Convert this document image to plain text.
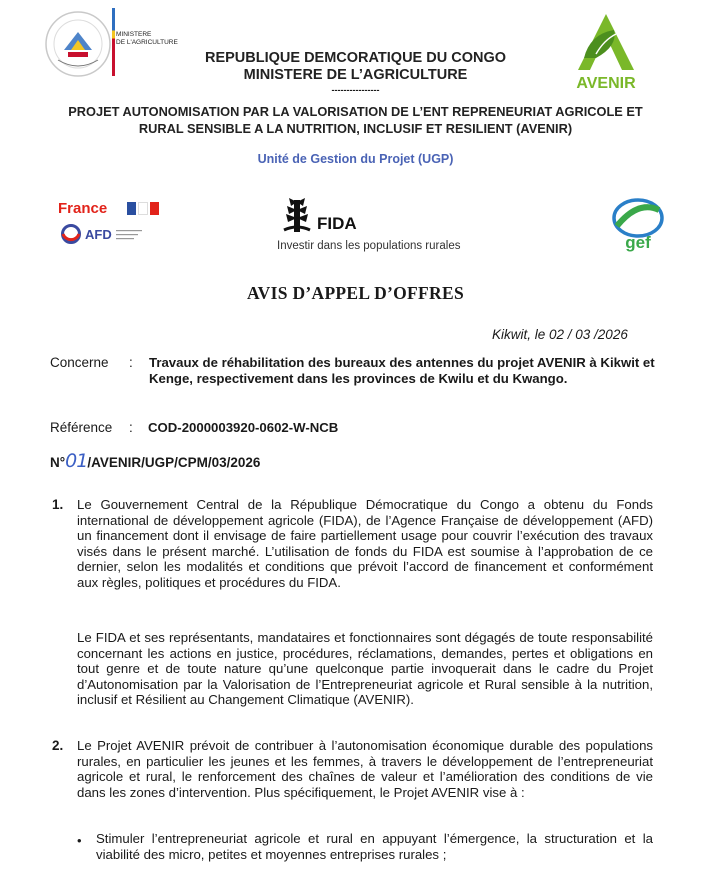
MINISTERE
DE L'AGRICULTURE
REPUBLIQUE DEMCORATIQUE DU CONGO
MINISTERE DE L’AGRICULTURE
----------------	AVENIR
PROJET AUTONOMISATION PAR LA VALORISATION DE L’ENT REPRENEURIAT AGRICOLE ET
RURAL SENSIBLE A LA NUTRITION, INCLUSIF ET RESILIENT (AVENIR)
Unité de Gestion du Projet (UGP)
France
AFD
FIDA
Investir dans les populations rurales	gef
AVIS D’APPEL D’OFFRES
Kikwit, le 02 / 03 /2026
Concerne : Travaux de réhabilitation des bureaux des antennes du projet AVENIR à Kikwit et Kenge, respectivement dans les provinces de Kwilu et du Kwango.
Référence : COD-2000003920-0602-W-NCB
N°01/AVENIR/UGP/CPM/03/2026
1. Le Gouvernement Central de la République Démocratique du Congo a obtenu du Fonds international de développement agricole (FIDA), de l’Agence Française de développement (AFD) un financement dont il envisage de faire partiellement usage pour couvrir l’exécution des travaux visés dans le présent marché. L’utilisation de fonds du FIDA est soumise à l’approbation de ce dernier, selon les modalités et conditions que prévoit l’accord de financement et conformément aux règles, politiques et procédures du FIDA.
Le FIDA et ses représentants, mandataires et fonctionnaires sont dégagés de toute responsabilité concernant les actions en justice, procédures, réclamations, demandes, pertes et obligations en tout genre et de toute nature qu’une quelconque partie invoquerait dans le cadre du Projet d’Autonomisation par la Valorisation de l’Entrepreneuriat agricole et Rural sensible à la nutrition, inclusif et Résilient au Changement Climatique (AVENIR).
2. Le Projet AVENIR prévoit de contribuer à l’autonomisation économique durable des populations rurales, en particulier les jeunes et les femmes, à travers le développement de l’entrepreneuriat agricole et rural, le renforcement des chaînes de valeur et l’amélioration des conditions de vie dans les zones d’intervention. Plus spécifiquement, le Projet AVENIR vise à :
• Stimuler l’entrepreneuriat agricole et rural en appuyant l’émergence, la structuration et la viabilité des micro, petites et moyennes entreprises rurales ;
